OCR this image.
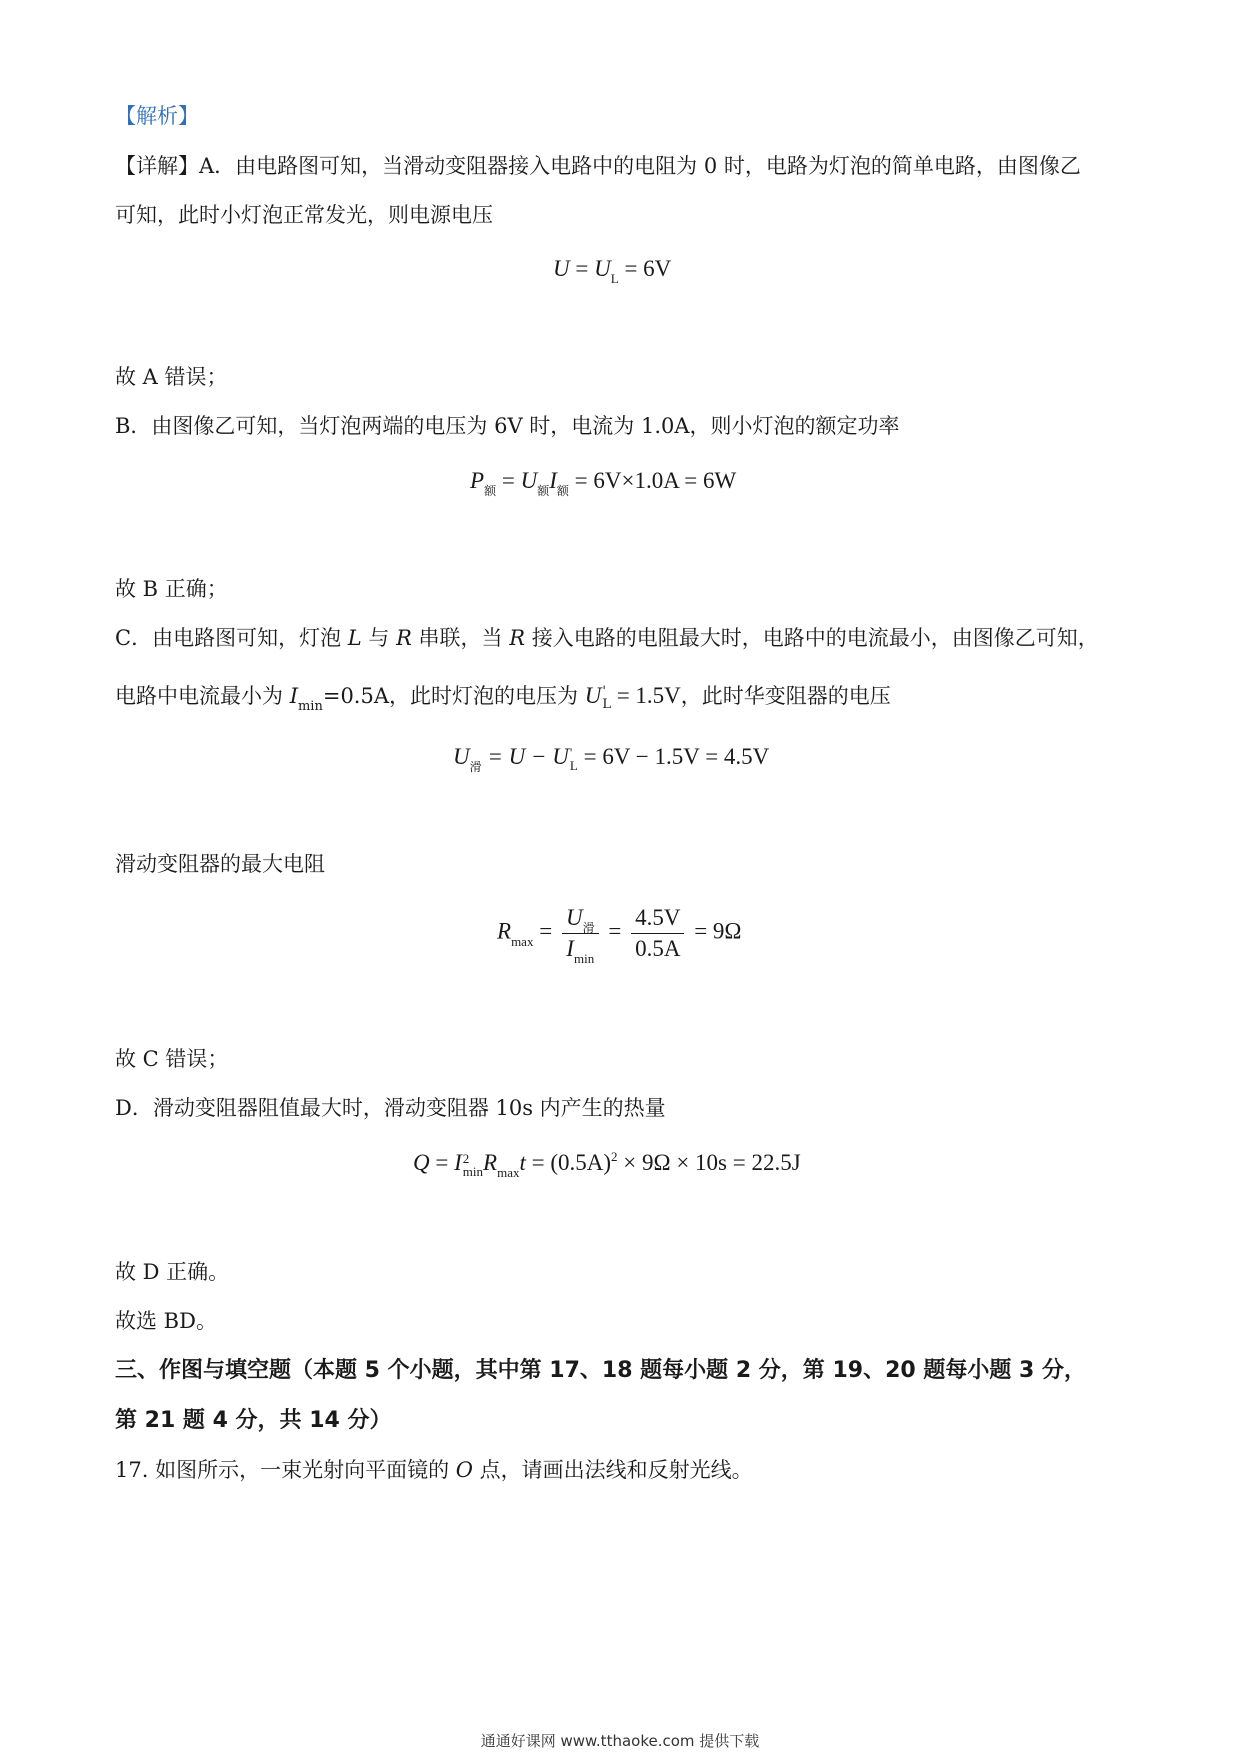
【解析】
【详解】A．由电路图可知，当滑动变阻器接入电路中的电阻为 0 时，电路为灯泡的简单电路，由图像乙
可知，此时小灯泡正常发光，则电源电压
$U = U_L = 6V$
故 A 错误；
B．由图像乙可知，当灯泡两端的电压为 6V 时，电流为 1.0A，则小灯泡的额定功率
$P_额 = U_额I_额 = 6V\times 1.0A = 6W$
故 B 正确；
C．由电路图可知，灯泡 L 与 R 串联，当 R 接入电路的电阻最大时，电路中的电流最小，由图像乙可知，
电路中电流最小为 $I_{min}=0.5A$，此时灯泡的电压为 U '
L = 1.5V，此时华变阻器的电压
$U_滑 = U - U$ '
L = 6V − 1.5V = 4.5V
滑动变阻器的最大电阻
$R_{max} = \frac{U_滑}{I_{min}} = \frac{4.5V}{0.5A} = 9\Omega$
故 C 错误；
D．滑动变阻器阻值最大时，滑动变阻器 10s 内产生的热量
Q = I 2
$\min R_{max}t = (0.5A)^2 \times 9\Omega \times 10s = 22.5J$
故 D 正确。
故选 BD。
三、作图与填空题（本题 5 个小题，其中第 17、18 题每小题 2 分，第 19、20 题每小题 3 分，
第 21 题 4 分，共 14 分）
17. 如图所示，一束光射向平面镜的 O 点，请画出法线和反射光线。
通通好课网 www.tthaoke.com 提供下载
